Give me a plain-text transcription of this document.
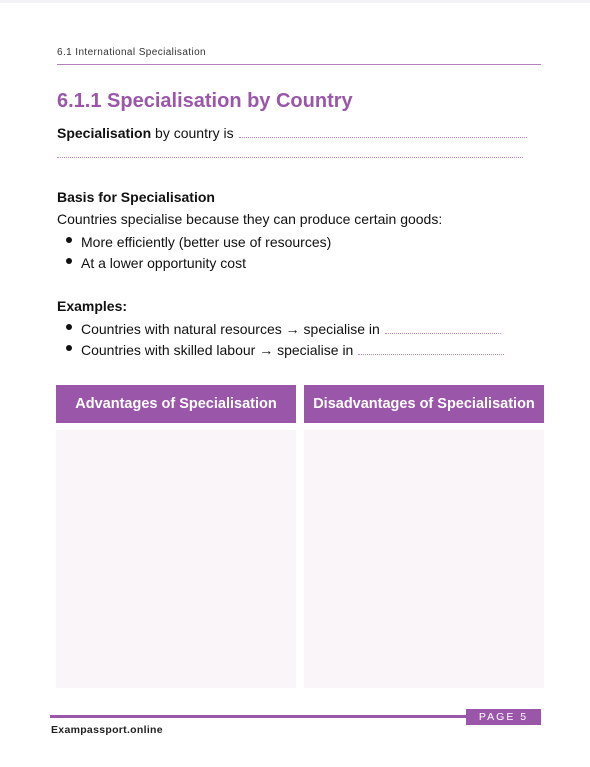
6.1 International Specialisation
6.1.1 Specialisation by Country
Specialisation by country is
Basis for Specialisation
Countries specialise because they can produce certain goods:
More efficiently (better use of resources)
At a lower opportunity cost
Examples:
Countries with natural resources → specialise in
Countries with skilled labour → specialise in
Advantages of Specialisation	Disadvantages of Specialisation
PAGE 5
Exampassport.online
